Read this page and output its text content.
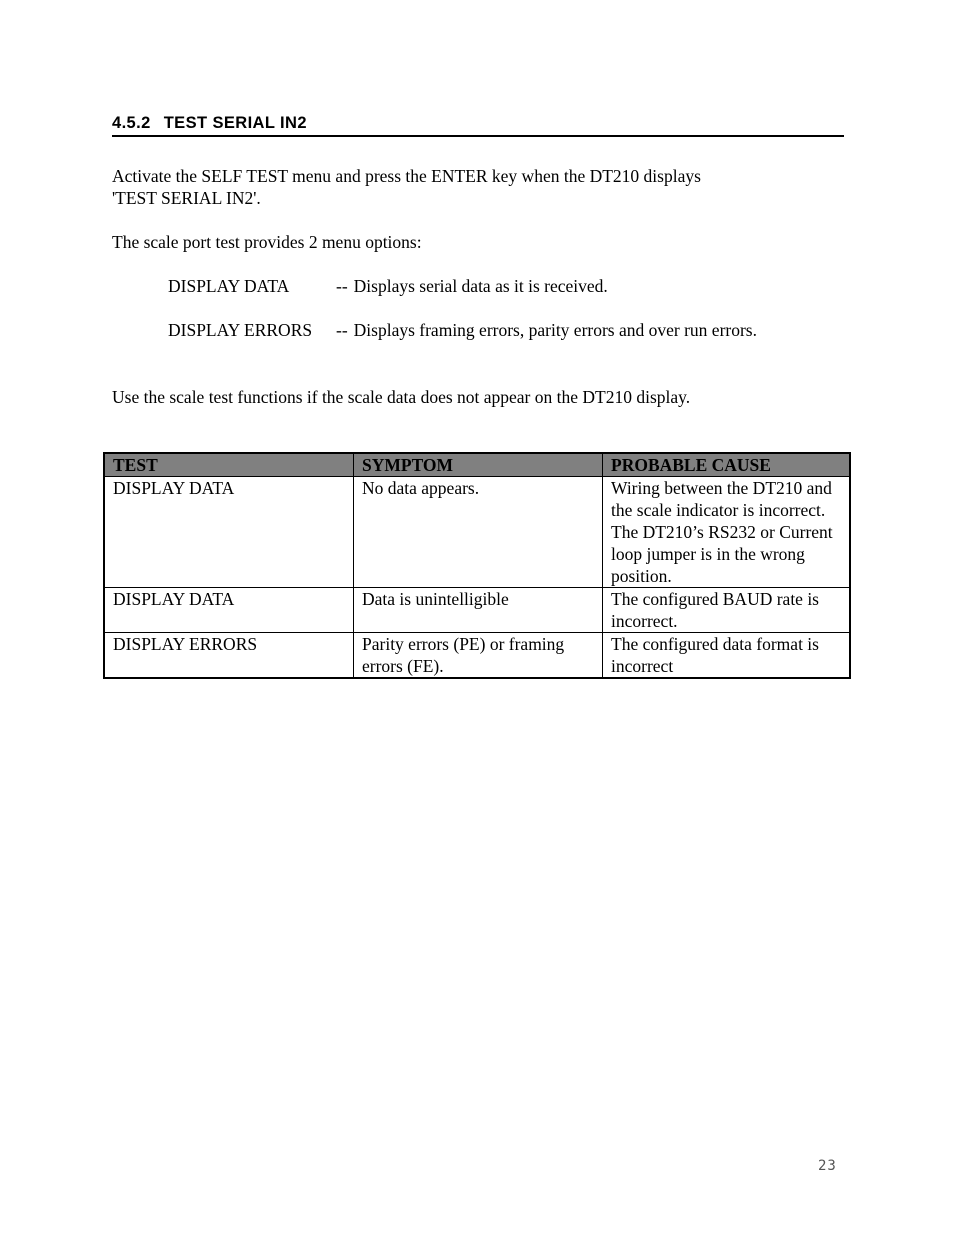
4.5.2 TEST SERIAL IN2
Activate the SELF TEST menu and press the ENTER key when the DT210 displays
'TEST SERIAL IN2'.
The scale port test provides 2 menu options:
DISPLAY DATA	-- Displays serial data as it is received.
DISPLAY ERRORS -- Displays framing errors, parity errors and over run errors.
Use the scale test functions if the scale data does not appear on the DT210 display.
TEST	SYMPTOM	PROBABLE CAUSE
DISPLAY DATA	No data appears.	Wiring between the DT210 and the scale indicator is incorrect. The DT210’s RS232 or Current loop jumper is in the wrong position.
DISPLAY DATA	Data is unintelligible	The configured BAUD rate is incorrect.
DISPLAY ERRORS	Parity errors (PE) or framing errors (FE).	The configured data format is incorrect
23
